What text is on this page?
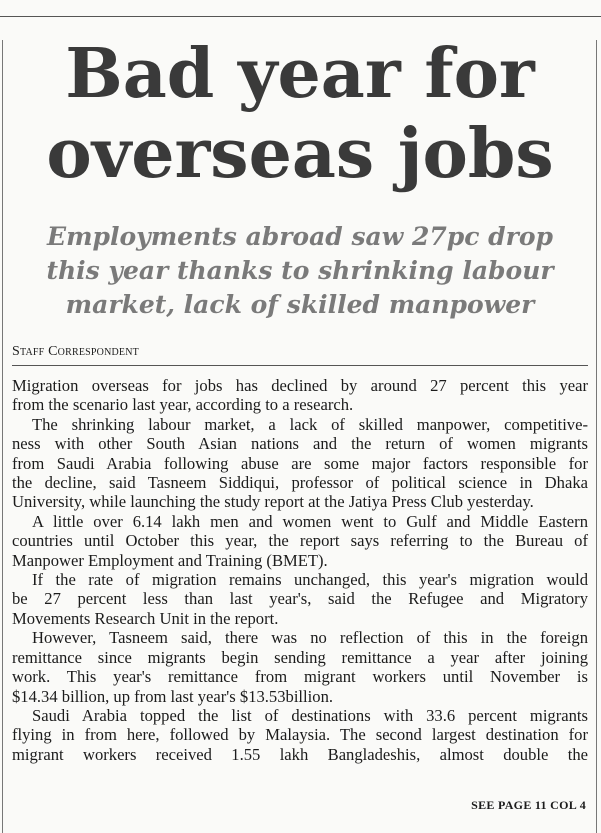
Bad year for
overseas jobs
Employments abroad saw 27pc drop
this year thanks to shrinking labour
market, lack of skilled manpower
Staff Correspondent

Migration overseas for jobs has declined by around 27 percent this year
from the scenario last year, according to a research.

The shrinking labour market, a lack of skilled manpower, competitive-
ness with other South Asian nations and the return of women migrants
from Saudi Arabia following abuse are some major factors responsible for
the decline, said Tasneem Siddiqui, professor of political science in Dhaka
University, while launching the study report at the Jatiya Press Club yesterday.

A little over 6.14 lakh men and women went to Gulf and Middle Eastern
countries until October this year, the report says referring to the Bureau of
Manpower Employment and Training (BMET).

If the rate of migration remains unchanged, this year's migration would
be 27 percent less than last year's, said the Refugee and Migratory
Movements Research Unit in the report.

However, Tasneem said, there was no reflection of this in the foreign
remittance since migrants begin sending remittance a year after joining
work. This year's remittance from migrant workers until November is
$14.34 billion, up from last year's $13.53billion.

Saudi Arabia topped the list of destinations with 33.6 percent migrants
flying in from here, followed by Malaysia. The second largest destination for
migrant workers received 1.55 lakh Bangladeshis, almost double the

SEE PAGE 11 COL 4
